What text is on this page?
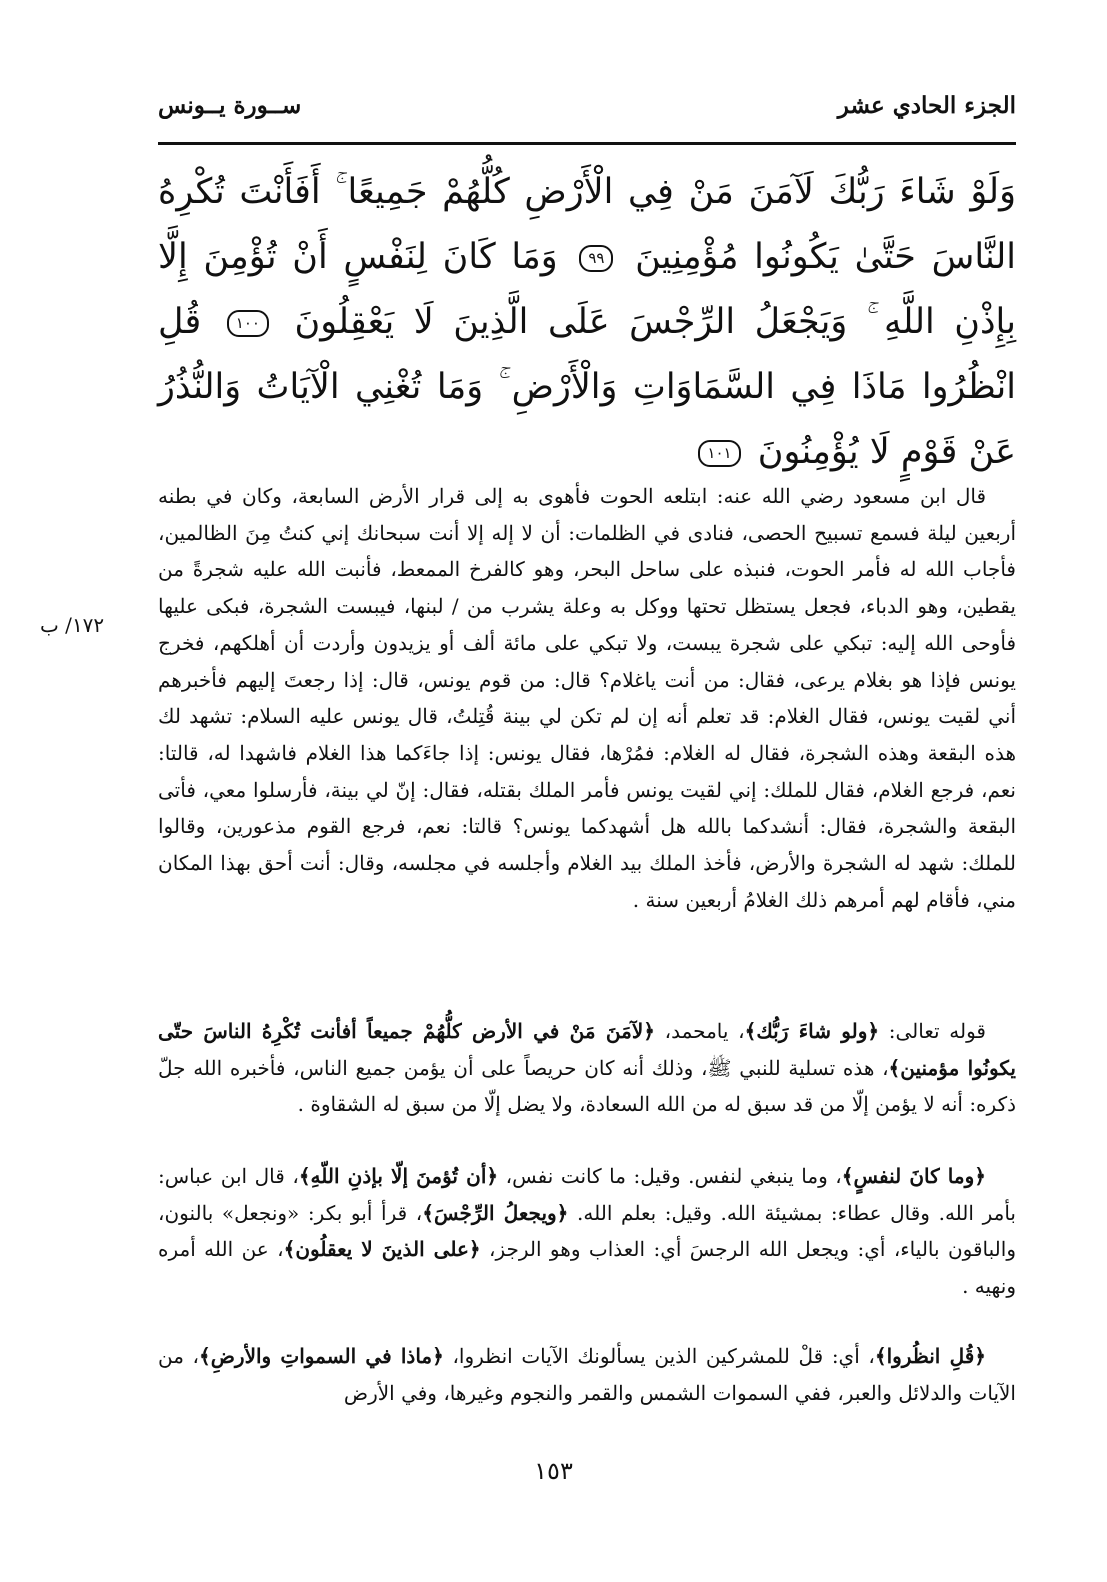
الجزء الحادي عشر
ســورة يــونس
وَلَوْ شَاءَ رَبُّكَ لَآمَنَ مَنْ فِي الْأَرْضِ كُلُّهُمْ جَمِيعًا ۚ أَفَأَنْتَ تُكْرِهُ النَّاسَ حَتَّىٰ يَكُونُوا مُؤْمِنِينَ ٩٩ وَمَا كَانَ لِنَفْسٍ أَنْ تُؤْمِنَ إِلَّا بِإِذْنِ اللَّهِ ۚ وَيَجْعَلُ الرِّجْسَ عَلَى الَّذِينَ لَا يَعْقِلُونَ ١٠٠ قُلِ انْظُرُوا مَاذَا فِي السَّمَاوَاتِ وَالْأَرْضِ ۚ وَمَا تُغْنِي الْآيَاتُ وَالنُّذُرُ عَنْ قَوْمٍ لَا يُؤْمِنُونَ ١٠١

قال ابن مسعود رضي الله عنه: ابتلعه الحوت فأهوى به إلى قرار الأرض السابعة، وكان في بطنه أربعين ليلة فسمع تسبيح الحصى، فنادى في الظلمات: أن لا إله إلا أنت سبحانك إني كنتُ مِنَ الظالمين، فأجاب الله له فأمر الحوت، فنبذه على ساحل البحر، وهو كالفرخ الممعط، فأنبت الله عليه شجرةً من يقطين، وهو الدباء، فجعل يستظل تحتها ووكل به وعلة يشرب من / لبنها، فيبست الشجرة، فبكى عليها فأوحى الله إليه: تبكي على شجرة يبست، ولا تبكي على مائة ألف أو يزيدون وأردت أن أهلكهم، فخرج يونس فإذا هو بغلام يرعى، فقال: من أنت ياغلام؟ قال: من قوم يونس، قال: إذا رجعتَ إليهم فأخبرهم أني لقيت يونس، فقال الغلام: قد تعلم أنه إن لم تكن لي بينة قُتِلتُ، قال يونس عليه السلام: تشهد لك هذه البقعة وهذه الشجرة، فقال له الغلام: فمُرْها، فقال يونس: إذا جاءَكما هذا الغلام فاشهدا له، قالتا: نعم، فرجع الغلام، فقال للملك: إني لقيت يونس فأمر الملك بقتله، فقال: إنّ لي بينة، فأرسلوا معي، فأتى البقعة والشجرة، فقال: أنشدكما بالله هل أشهدكما يونس؟ قالتا: نعم، فرجع القوم مذعورين، وقالوا للملك: شهد له الشجرة والأرض، فأخذ الملك بيد الغلام وأجلسه في مجلسه، وقال: أنت أحق بهذا المكان مني، فأقام لهم أمرهم ذلك الغلامُ أربعين سنة .

١٧٢/ ب

قوله تعالى: ﴿ولو شاءَ رَبُّك﴾، يامحمد، ﴿لآمَنَ مَنْ في الأرض كلُّهُمْ جميعاً أفأنت تُكْرِهُ الناسَ حتّى يكونُوا مؤمنين﴾، هذه تسلية للنبي ﷺ، وذلك أنه كان حريصاً على أن يؤمن جميع الناس، فأخبره الله جلّ ذكره: أنه لا يؤمن إلّا من قد سبق له من الله السعادة، ولا يضل إلّا من سبق له الشقاوة .

﴿وما كانَ لنفسٍ﴾، وما ينبغي لنفس. وقيل: ما كانت نفس، ﴿أن تُؤمنَ إلّا بإذنِ اللّهِ﴾، قال ابن عباس: بأمر الله. وقال عطاء: بمشيئة الله. وقيل: بعلم الله. ﴿ويجعلُ الرِّجْسَ﴾، قرأ أبو بكر: «ونجعل» بالنون، والباقون بالياء، أي: ويجعل الله الرجسَ أي: العذاب وهو الرجز، ﴿على الذينَ لا يعقلُون﴾، عن الله أمره ونهيه .

﴿قُلِ انظُروا﴾، أي: قلْ للمشركين الذين يسألونك الآيات انظروا، ﴿ماذا في السمواتِ والأرضِ﴾، من الآيات والدلائل والعبر، ففي السموات الشمس والقمر والنجوم وغيرها، وفي الأرض

١٥٣
